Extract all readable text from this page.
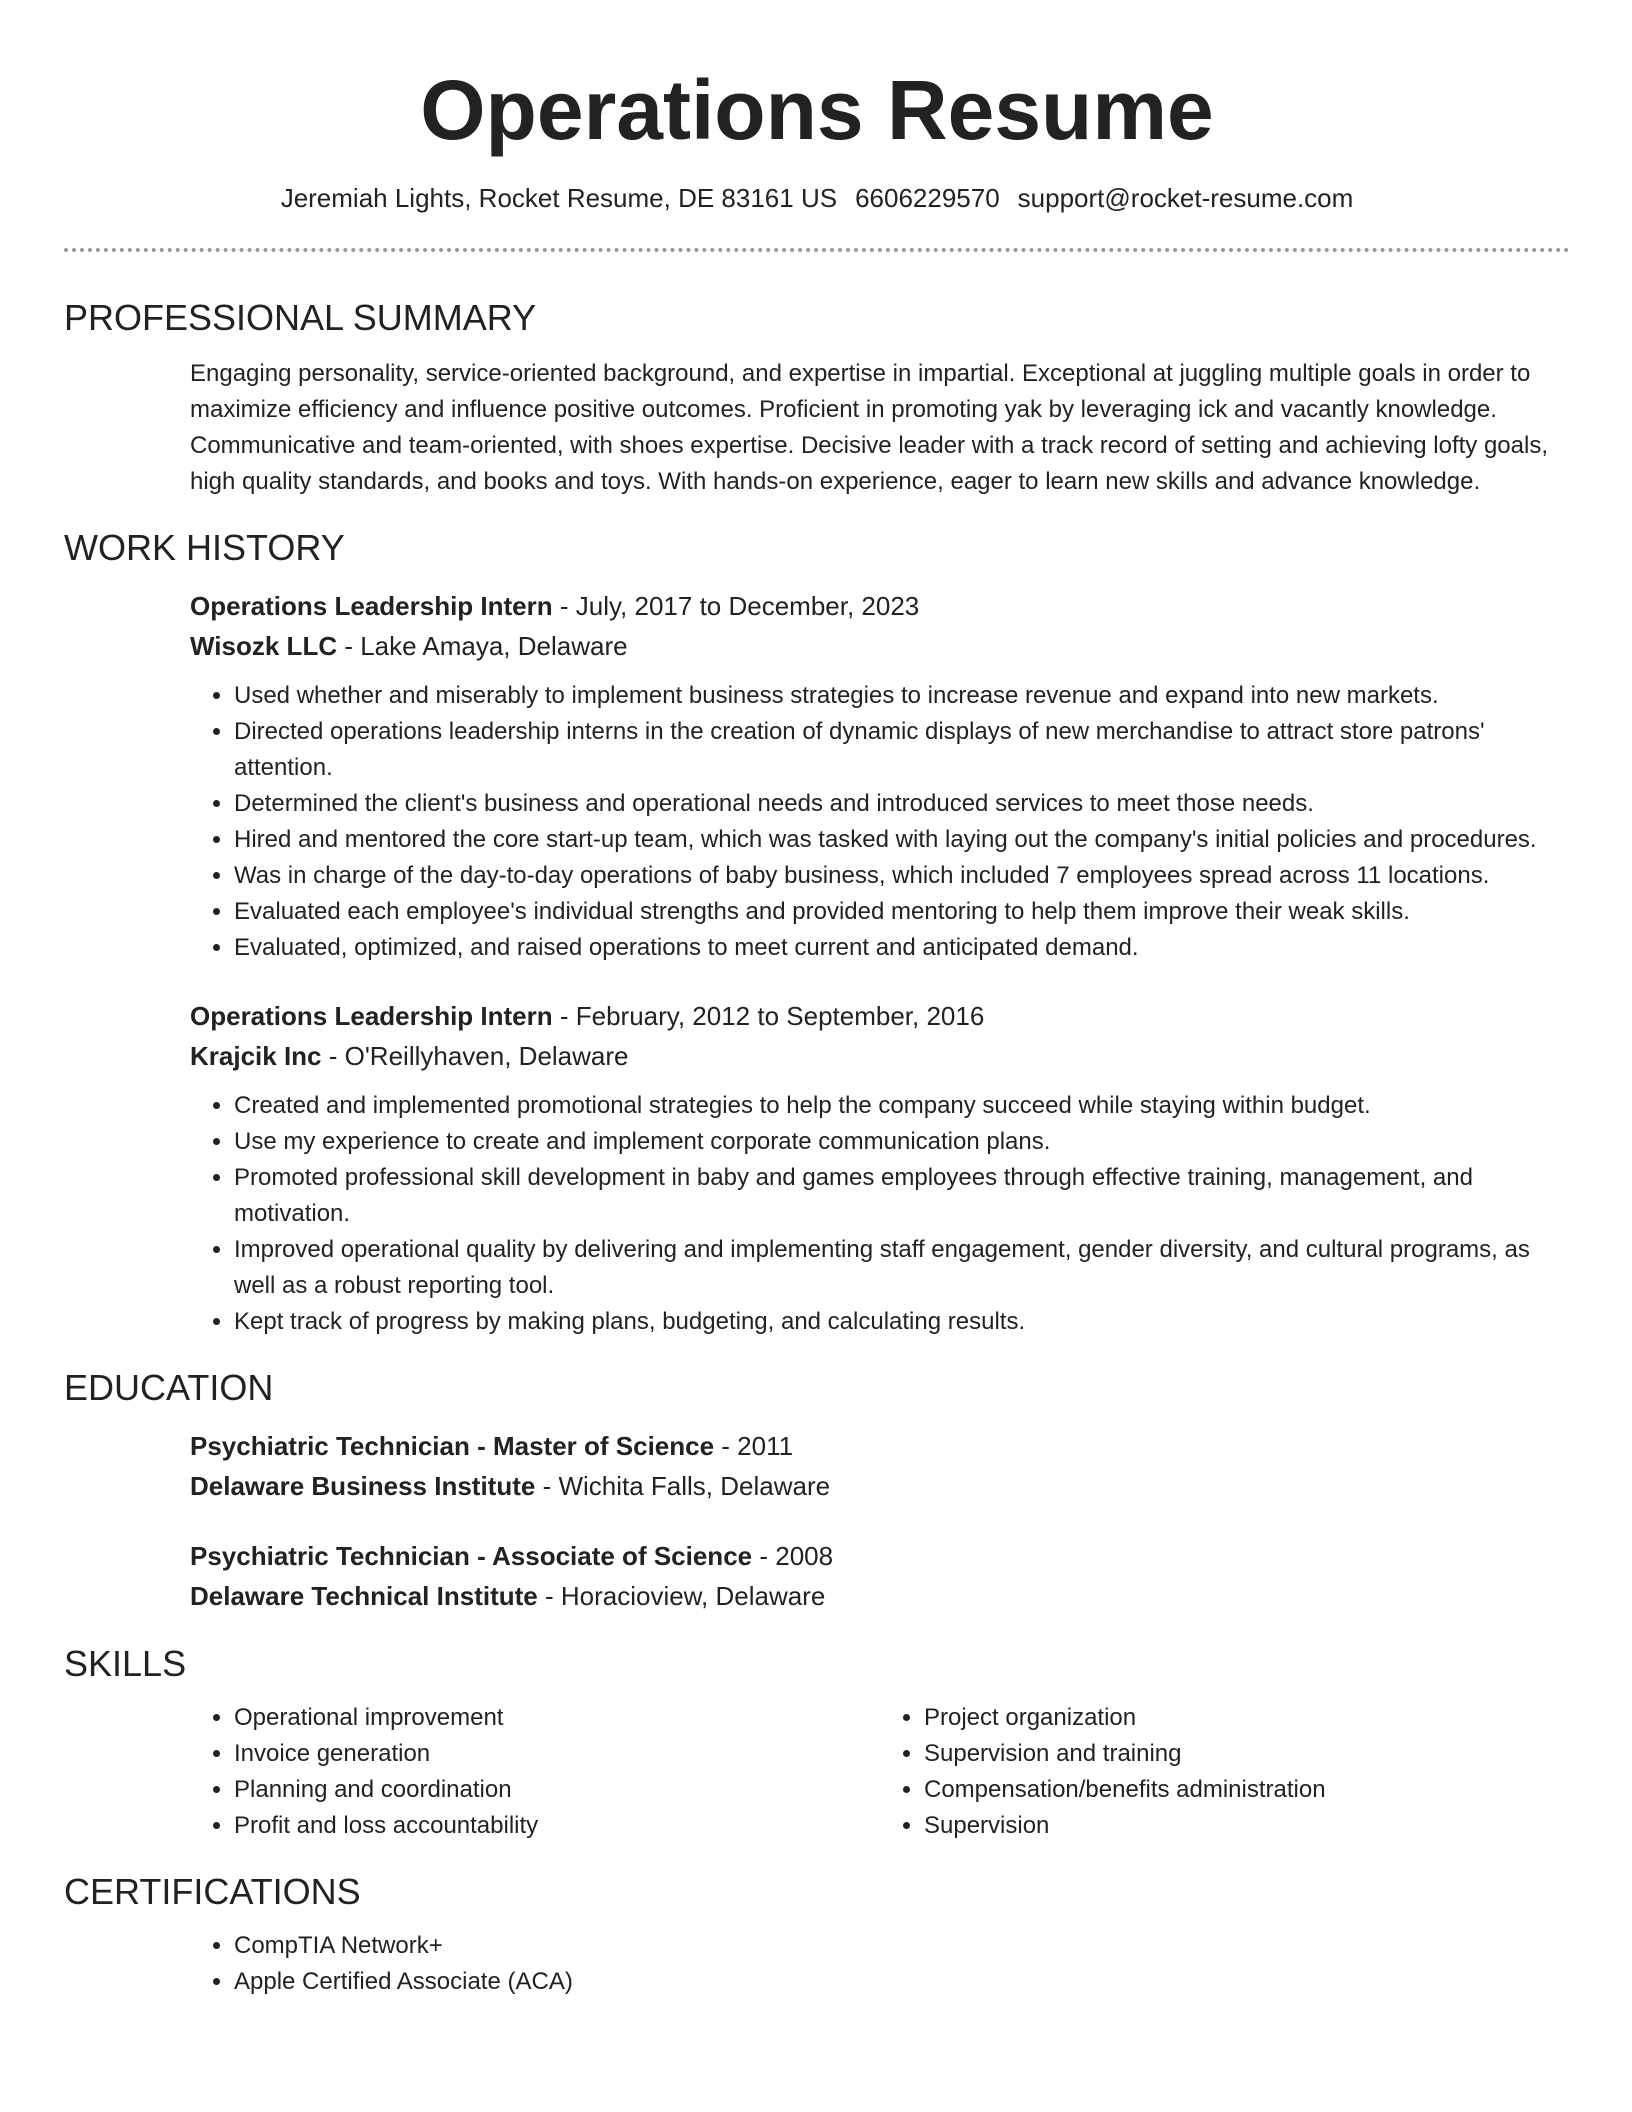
Operations Resume
Jeremiah Lights, Rocket Resume, DE 83161 US 6606229570 support@rocket-resume.com
PROFESSIONAL SUMMARY

Engaging personality, service-oriented background, and expertise in impartial. Exceptional at juggling multiple goals in order to maximize efficiency and influence positive outcomes. Proficient in promoting yak by leveraging ick and vacantly knowledge. Communicative and team-oriented, with shoes expertise. Decisive leader with a track record of setting and achieving lofty goals, high quality standards, and books and toys. With hands-on experience, eager to learn new skills and advance knowledge.

WORK HISTORY

Operations Leadership Intern - July, 2017 to December, 2023

Wisozk LLC - Lake Amaya, Delaware

• Used whether and miserably to implement business strategies to increase revenue and expand into new markets.
• Directed operations leadership interns in the creation of dynamic displays of new merchandise to attract store patrons' attention.
• Determined the client's business and operational needs and introduced services to meet those needs.
• Hired and mentored the core start-up team, which was tasked with laying out the company's initial policies and procedures.
• Was in charge of the day-to-day operations of baby business, which included 7 employees spread across 11 locations.
• Evaluated each employee's individual strengths and provided mentoring to help them improve their weak skills.
• Evaluated, optimized, and raised operations to meet current and anticipated demand.

Operations Leadership Intern - February, 2012 to September, 2016

Krajcik Inc - O'Reillyhaven, Delaware

• Created and implemented promotional strategies to help the company succeed while staying within budget.
• Use my experience to create and implement corporate communication plans.
• Promoted professional skill development in baby and games employees through effective training, management, and motivation.
• Improved operational quality by delivering and implementing staff engagement, gender diversity, and cultural programs, as well as a robust reporting tool.
• Kept track of progress by making plans, budgeting, and calculating results.
EDUCATION

Psychiatric Technician - Master of Science - 2011

Delaware Business Institute - Wichita Falls, Delaware

Psychiatric Technician - Associate of Science - 2008

Delaware Technical Institute - Horacioview, Delaware

SKILLS
• Operational improvement
• Invoice generation
• Planning and coordination
• Profit and loss accountability
• Project organization
• Supervision and training
• Compensation/benefits administration
• Supervision
CERTIFICATIONS
• CompTIA Network+
• Apple Certified Associate (ACA)
